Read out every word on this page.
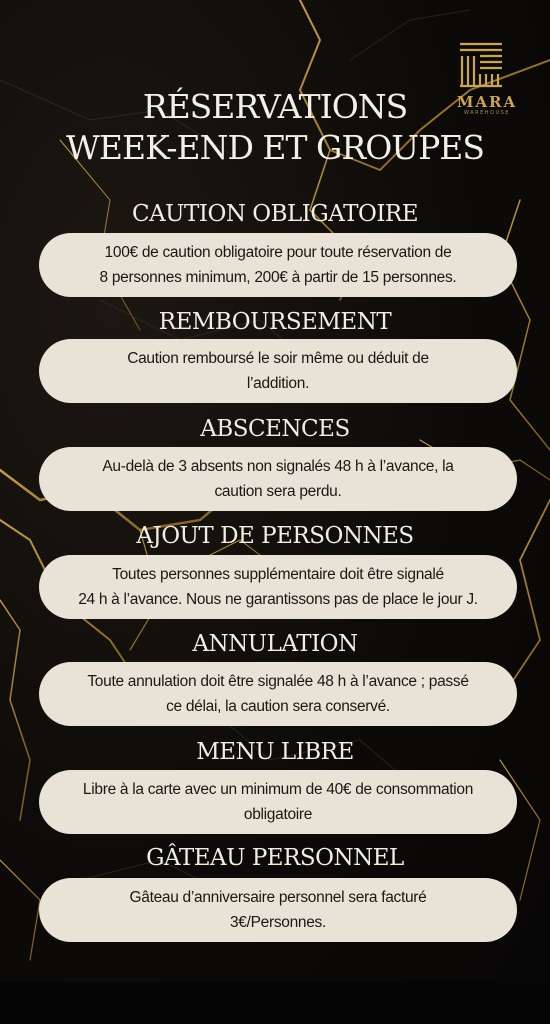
MARA
WAREHOUSE
RÉSERVATIONS
WEEK-END ET GROUPES
CAUTION OBLIGATOIRE
100€ de caution obligatoire pour toute réservation de
8 personnes minimum, 200€ à partir de 15 personnes.
REMBOURSEMENT
Caution remboursé le soir même ou déduit de
l’addition.
ABSCENCES
Au-delà de 3 absents non signalés 48 h à l’avance, la
caution sera perdu.
AJOUT DE PERSONNES
Toutes personnes supplémentaire doit être signalé
24 h à l’avance. Nous ne garantissons pas de place le jour J.
ANNULATION
Toute annulation doit être signalée 48 h à l’avance ; passé
ce délai, la caution sera conservé.
MENU LIBRE
Libre à la carte avec un minimum de 40€ de consommation
obligatoire
GÂTEAU PERSONNEL
Gâteau d’anniversaire personnel sera facturé
3€/Personnes.
